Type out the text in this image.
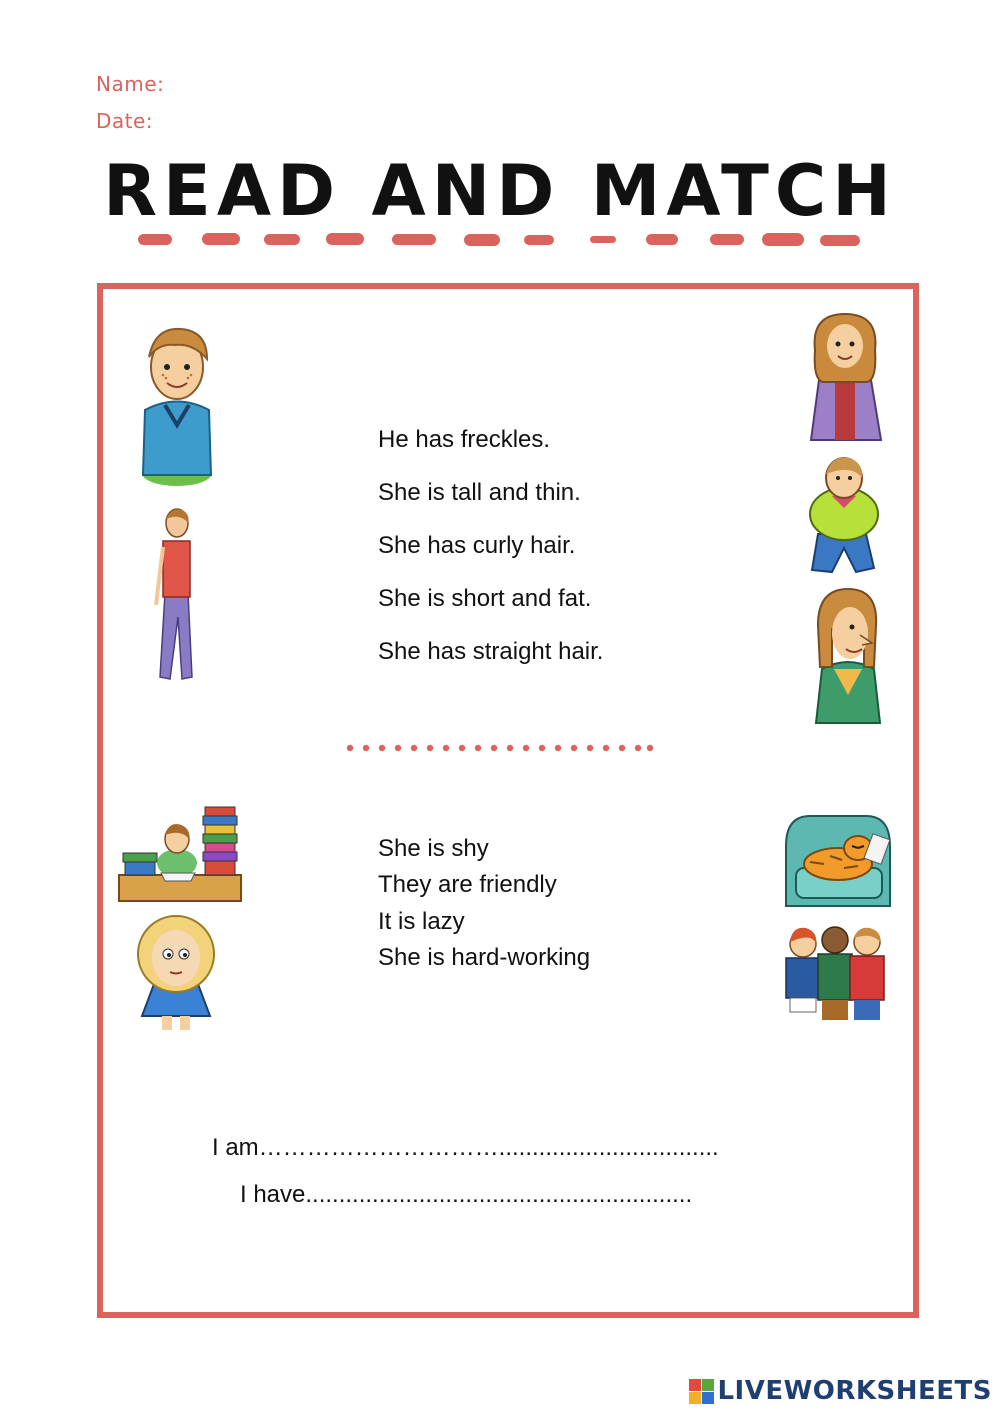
Name:
Date:
READ AND MATCH
He has freckles.
She is tall and thin.
She has curly hair.
She is short and fat.
She has straight hair.
She is shy
They are friendly
It is lazy
She is hard-working
I am………………………….................................
I have..........................................................
LIVEWORKSHEETS
